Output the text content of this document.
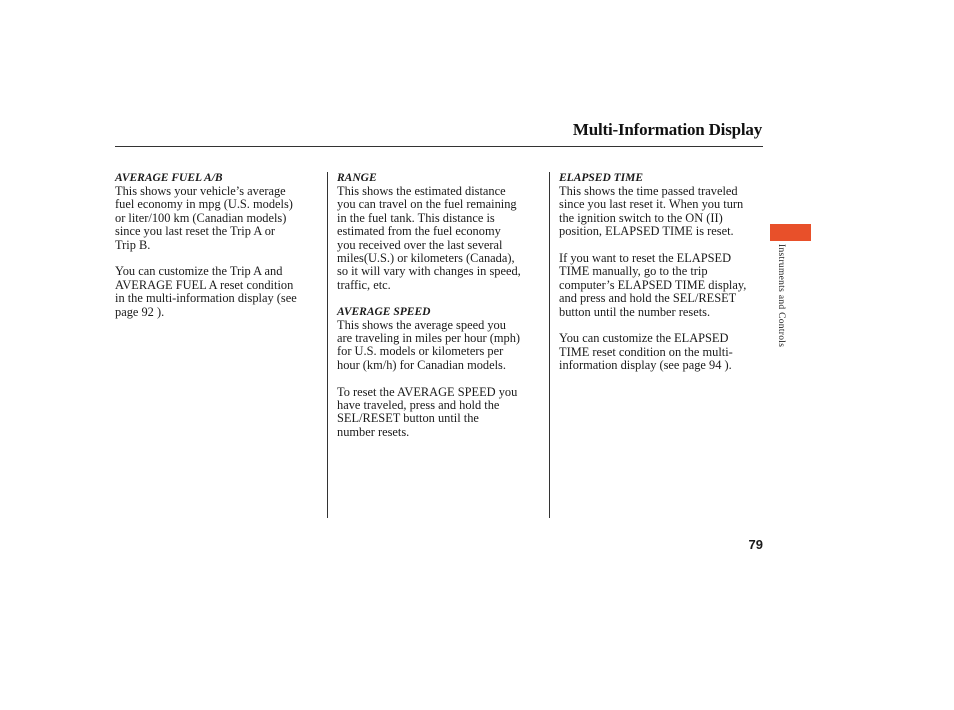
Multi-Information Display

AVERAGE FUEL A/B

This shows your vehicle’s average
fuel economy in mpg (U.S. models)
or liter/100 km (Canadian models)
since you last reset the Trip A or
Trip B.

You can customize the Trip A and
AVERAGE FUEL A reset condition
in the multi-information display (see
page 92 ).

RANGE

This shows the estimated distance
you can travel on the fuel remaining
in the fuel tank. This distance is
estimated from the fuel economy
you received over the last several
miles(U.S.) or kilometers (Canada),
so it will vary with changes in speed,
traffic, etc.

AVERAGE SPEED

This shows the average speed you
are traveling in miles per hour (mph)
for U.S. models or kilometers per
hour (km/h) for Canadian models.

To reset the AVERAGE SPEED you
have traveled, press and hold the
SEL/RESET button until the
number resets.

ELAPSED TIME

This shows the time passed traveled
since you last reset it. When you turn
the ignition switch to the ON (II)
position, ELAPSED TIME is reset.

If you want to reset the ELAPSED
TIME manually, go to the trip
computer’s ELAPSED TIME display,
and press and hold the SEL/RESET
button until the number resets.

You can customize the ELAPSED
TIME reset condition on the multi-
information display (see page 94 ).

Instruments and Controls
79
